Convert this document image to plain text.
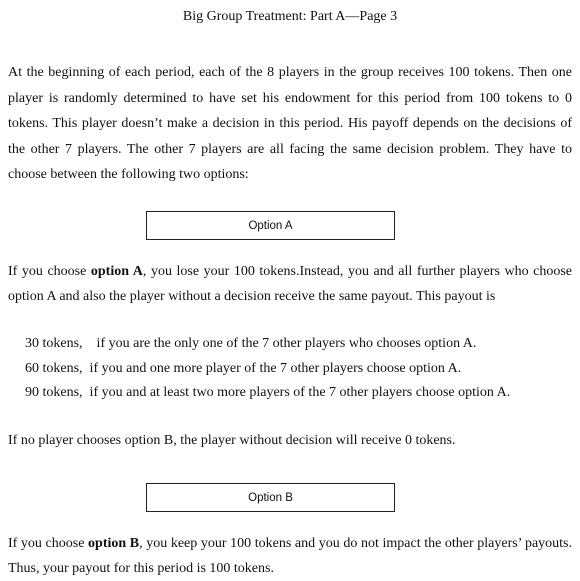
Big Group Treatment: Part A—Page 3

At the beginning of each period, each of the 8 players in the group receives 100 tokens. Then one player is randomly determined to have set his endowment for this period from 100 tokens to 0 tokens. This player doesn’t make a decision in this period. His payoff depends on the decisions of the other 7 players. The other 7 players are all facing the same decision problem. They have to choose between the following two options:

Option A

If you choose option A, you lose your 100 tokens.Instead, you and all further players who choose option A and also the player without a decision receive the same payout. This payout is

30 tokens, if you are the only one of the 7 other players who chooses option A.
60 tokens, if you and one more player of the 7 other players choose option A.
90 tokens, if you and at least two more players of the 7 other players choose option A.

If no player chooses option B, the player without decision will receive 0 tokens.

Option B

If you choose option B, you keep your 100 tokens and you do not impact the other players’ payouts. Thus, your payout for this period is 100 tokens.
